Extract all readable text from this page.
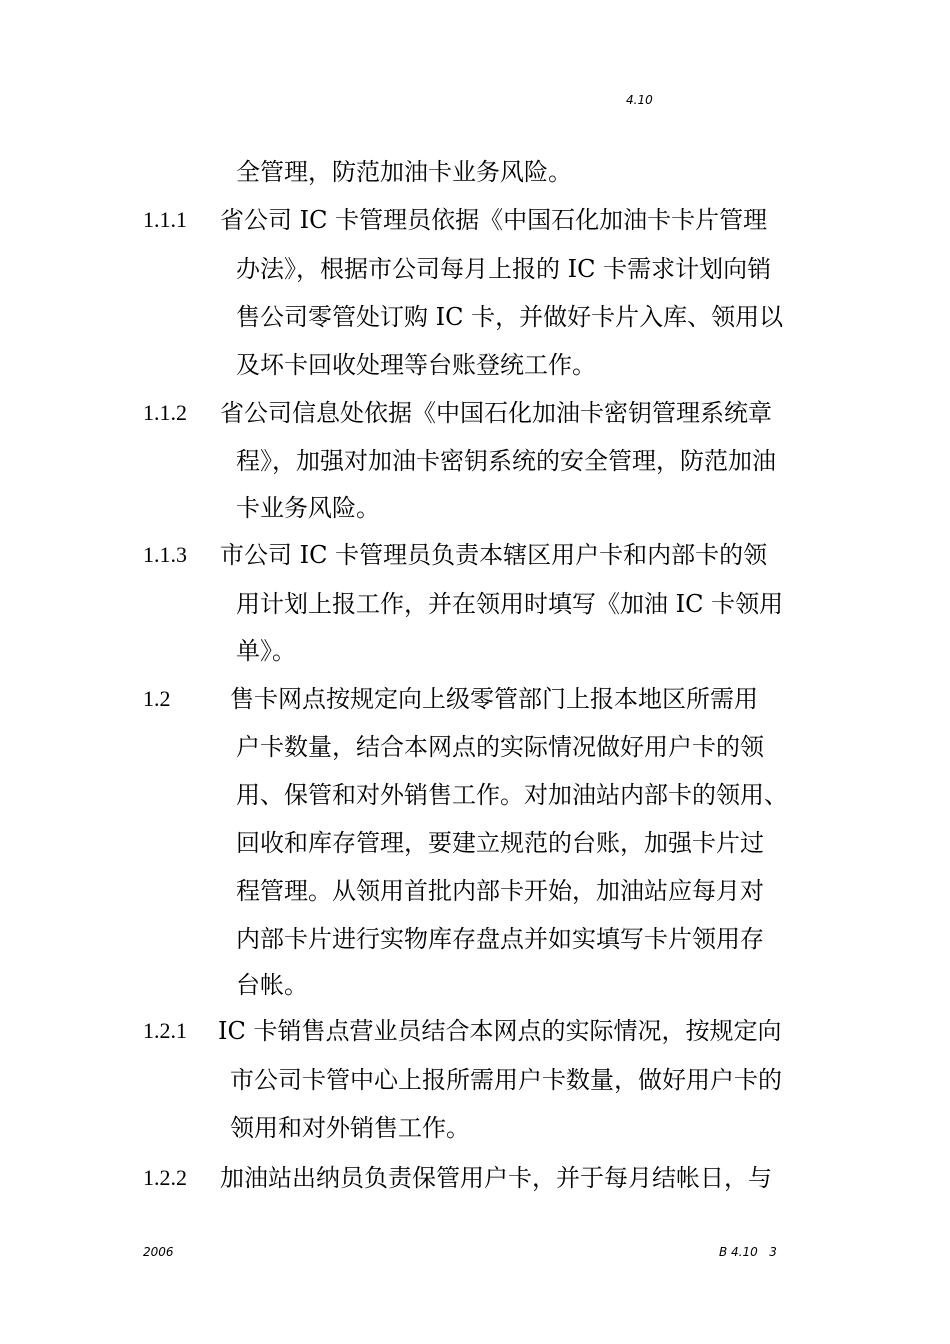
4.10
1.1.1
1.1.2
1.1.3
1.2
1.2.1
1.2.2
全管理，防范加油卡业务风险。
省公司 IC 卡管理员依据《中国石化加油卡卡片管理
办法》，根据市公司每月上报的 IC 卡需求计划向销
售公司零管处订购 IC 卡，并做好卡片入库、领用以
及坏卡回收处理等台账登统工作。
省公司信息处依据《中国石化加油卡密钥管理系统章
程》，加强对加油卡密钥系统的安全管理，防范加油
卡业务风险。
市公司 IC 卡管理员负责本辖区用户卡和内部卡的领
用计划上报工作，并在领用时填写《加油 IC 卡领用
单》。
售卡网点按规定向上级零管部门上报本地区所需用
户卡数量，结合本网点的实际情况做好用户卡的领
用、保管和对外销售工作。对加油站内部卡的领用、
回收和库存管理，要建立规范的台账，加强卡片过
程管理。从领用首批内部卡开始，加油站应每月对
内部卡片进行实物库存盘点并如实填写卡片领用存
台帐。
IC 卡销售点营业员结合本网点的实际情况，按规定向
市公司卡管中心上报所需用户卡数量，做好用户卡的
领用和对外销售工作。
加油站出纳员负责保管用户卡，并于每月结帐日，与
2006	B 4.10   3
